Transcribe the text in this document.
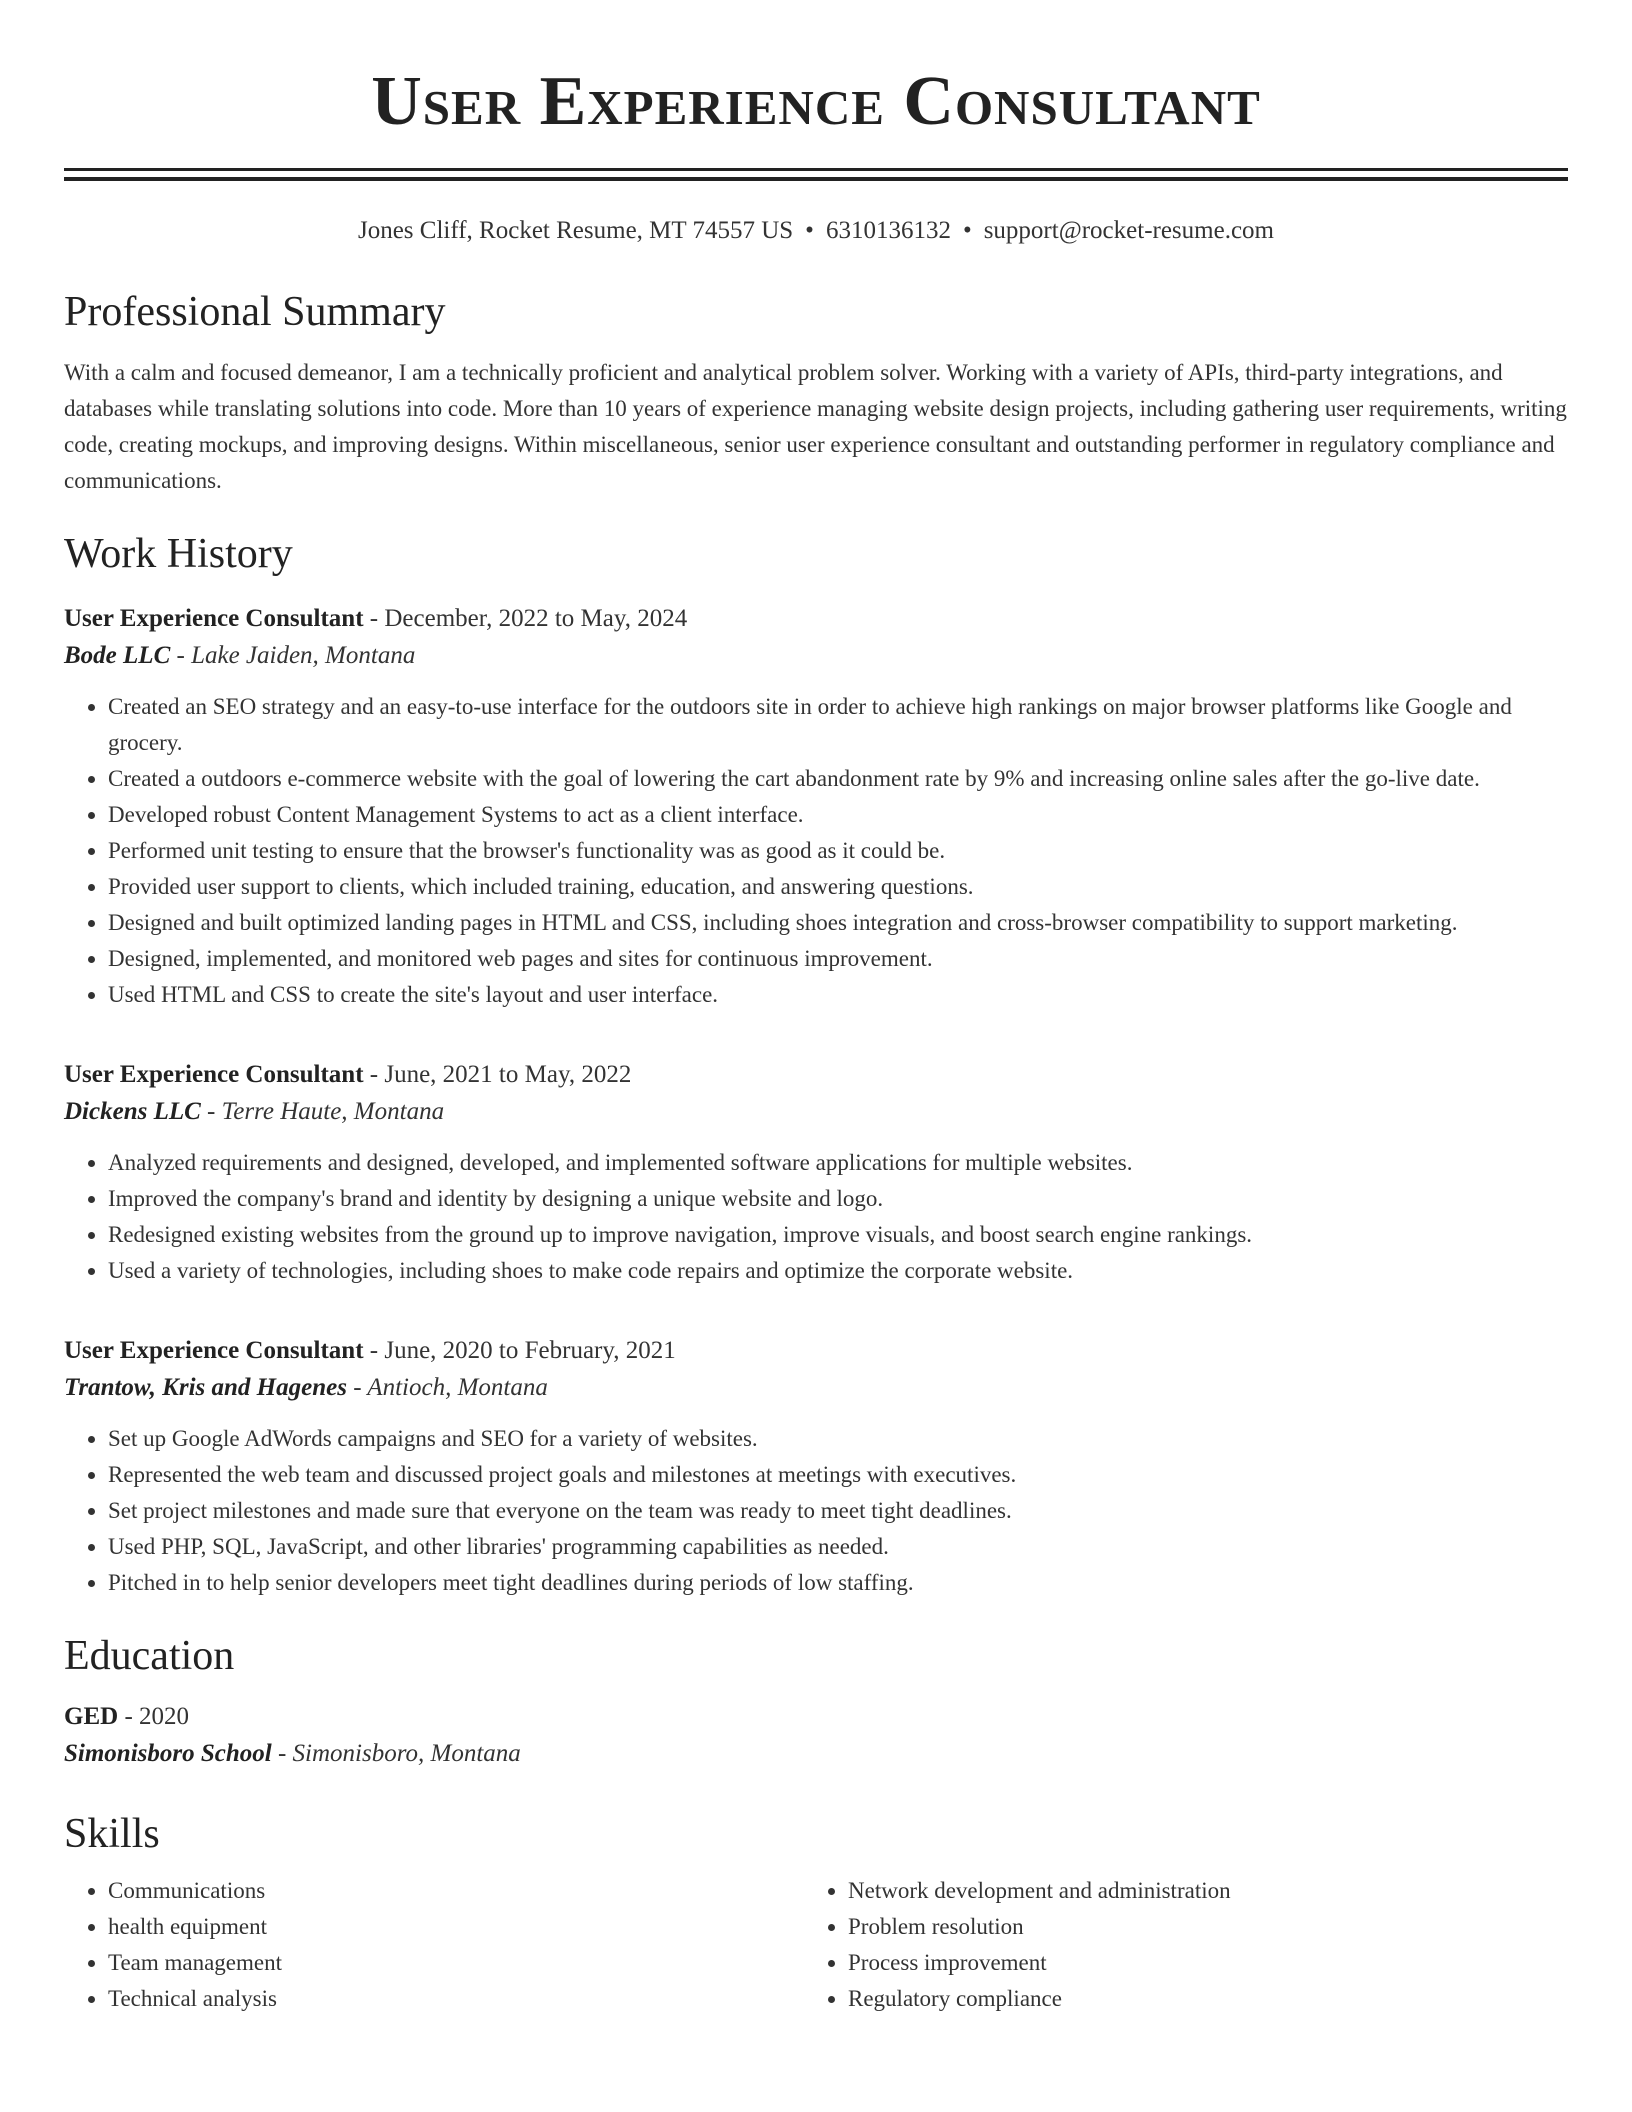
User Experience Consultant
Jones Cliff, Rocket Resume, MT 74557 US • 6310136132 • support@rocket-resume.com
Professional Summary
With a calm and focused demeanor, I am a technically proficient and analytical problem solver. Working with a variety of APIs, third-party integrations, and databases while translating solutions into code. More than 10 years of experience managing website design projects, including gathering user requirements, writing code, creating mockups, and improving designs. Within miscellaneous, senior user experience consultant and outstanding performer in regulatory compliance and communications.
Work History
User Experience Consultant - December, 2022 to May, 2024
Bode LLC - Lake Jaiden, Montana
• Created an SEO strategy and an easy-to-use interface for the outdoors site in order to achieve high rankings on major browser platforms like Google and grocery.
• Created a outdoors e-commerce website with the goal of lowering the cart abandonment rate by 9% and increasing online sales after the go-live date.
• Developed robust Content Management Systems to act as a client interface.
• Performed unit testing to ensure that the browser's functionality was as good as it could be.
• Provided user support to clients, which included training, education, and answering questions.
• Designed and built optimized landing pages in HTML and CSS, including shoes integration and cross-browser compatibility to support marketing.
• Designed, implemented, and monitored web pages and sites for continuous improvement.
• Used HTML and CSS to create the site's layout and user interface.
User Experience Consultant - June, 2021 to May, 2022
Dickens LLC - Terre Haute, Montana
• Analyzed requirements and designed, developed, and implemented software applications for multiple websites.
• Improved the company's brand and identity by designing a unique website and logo.
• Redesigned existing websites from the ground up to improve navigation, improve visuals, and boost search engine rankings.
• Used a variety of technologies, including shoes to make code repairs and optimize the corporate website.
User Experience Consultant - June, 2020 to February, 2021
Trantow, Kris and Hagenes - Antioch, Montana
• Set up Google AdWords campaigns and SEO for a variety of websites.
• Represented the web team and discussed project goals and milestones at meetings with executives.
• Set project milestones and made sure that everyone on the team was ready to meet tight deadlines.
• Used PHP, SQL, JavaScript, and other libraries' programming capabilities as needed.
• Pitched in to help senior developers meet tight deadlines during periods of low staffing.
Education
GED - 2020
Simonisboro School - Simonisboro, Montana
Skills
• Communications
• health equipment
• Team management
• Technical analysis
• Network development and administration
• Problem resolution
• Process improvement
• Regulatory compliance
